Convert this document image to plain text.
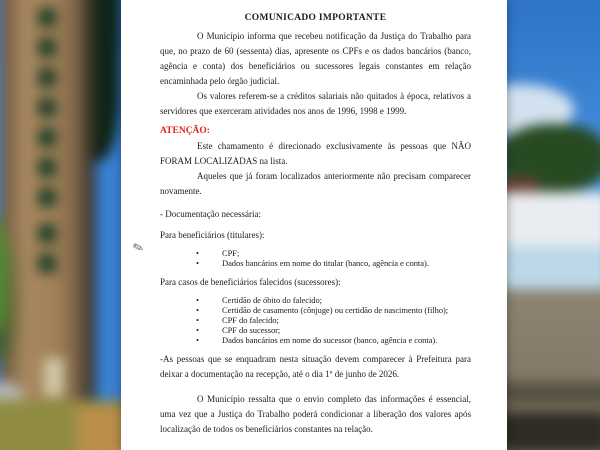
COMUNICADO IMPORTANTE

O Município informa que recebeu notificação da Justiça do Trabalho para que, no prazo de 60 (sessenta) dias, apresente os CPFs e os dados bancários (banco, agência e conta) dos beneficiários ou sucessores legais constantes em relação encaminhada pelo órgão judicial.

Os valores referem-se a créditos salariais não quitados à época, relativos a servidores que exerceram atividades nos anos de 1996, 1998 e 1999.

ATENÇÃO:

Este chamamento é direcionado exclusivamente às pessoas que NÃO FORAM LOCALIZADAS na lista.

Aqueles que já foram localizados anteriormente não precisam comparecer novamente.

- Documentação necessária:
Para beneficiários (titulares):
• CPF;
• Dados bancários em nome do titular (banco, agência e conta).
Para casos de beneficiários falecidos (sucessores):
• Certidão de óbito do falecido;
• Certidão de casamento (cônjuge) ou certidão de nascimento (filho);
• CPF do falecido;
• CPF do sucessor;
• Dados bancários em nome do sucessor (banco, agência e conta).

-As pessoas que se enquadram nesta situação devem comparecer à Prefeitura para deixar a documentação na recepção, até o dia 1º de junho de 2026.

O Município ressalta que o envio completo das informações é essencial, uma vez que a Justiça do Trabalho poderá condicionar a liberação dos valores após localização de todos os beneficiários constantes na relação.

✎
